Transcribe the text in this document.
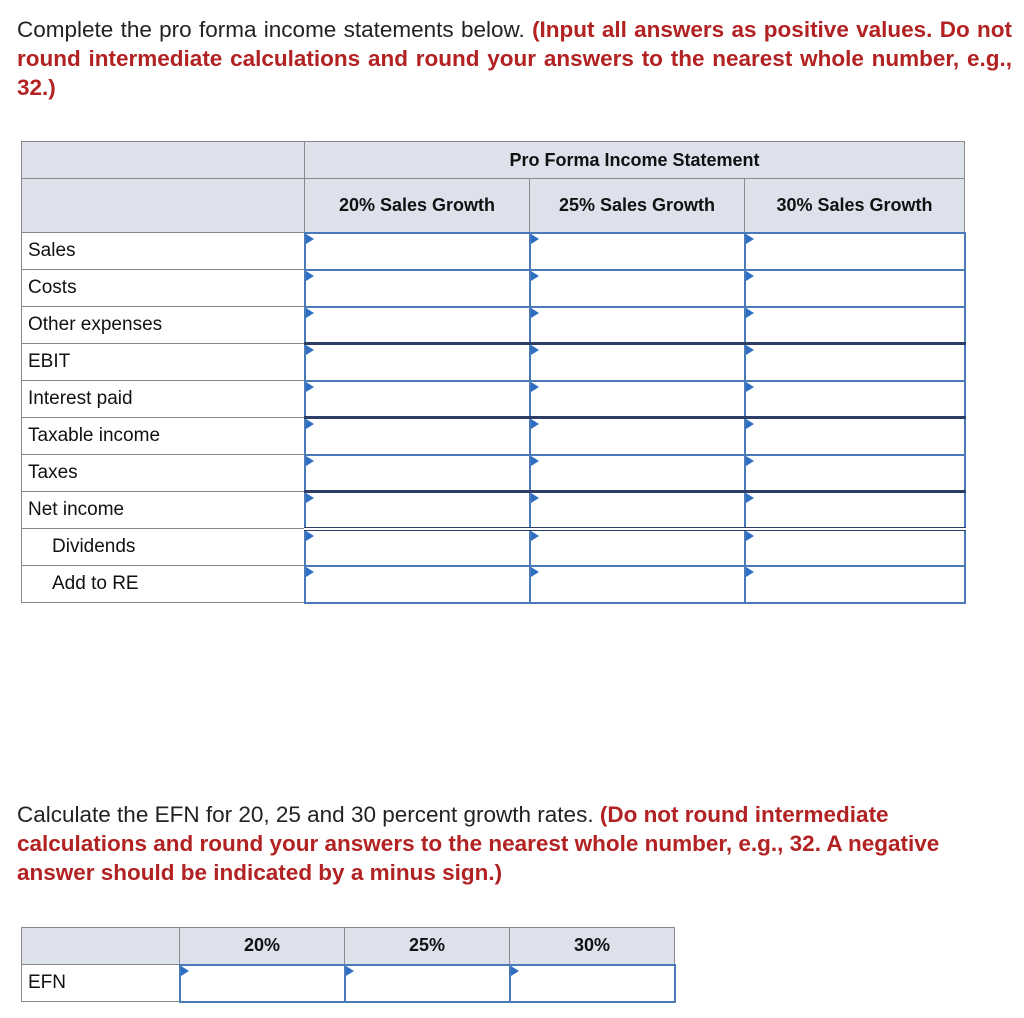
Complete the pro forma income statements below. (Input all answers as positive values. Do not round intermediate calculations and round your answers to the nearest whole number, e.g., 32.)
	Pro Forma Income Statement		
	20% Sales Growth	25% Sales Growth	30% Sales Growth
Sales	

Costs	

Other expenses	

EBIT	

Interest paid	

Taxable income	

Taxes	

Net income	

Dividends	

Add to RE	

Calculate the EFN for 20, 25 and 30 percent growth rates. (Do not round intermediate calculations and round your answers to the nearest whole number, e.g., 32. A negative answer should be indicated by a minus sign.)
	20%	25%	30%
EFN	
